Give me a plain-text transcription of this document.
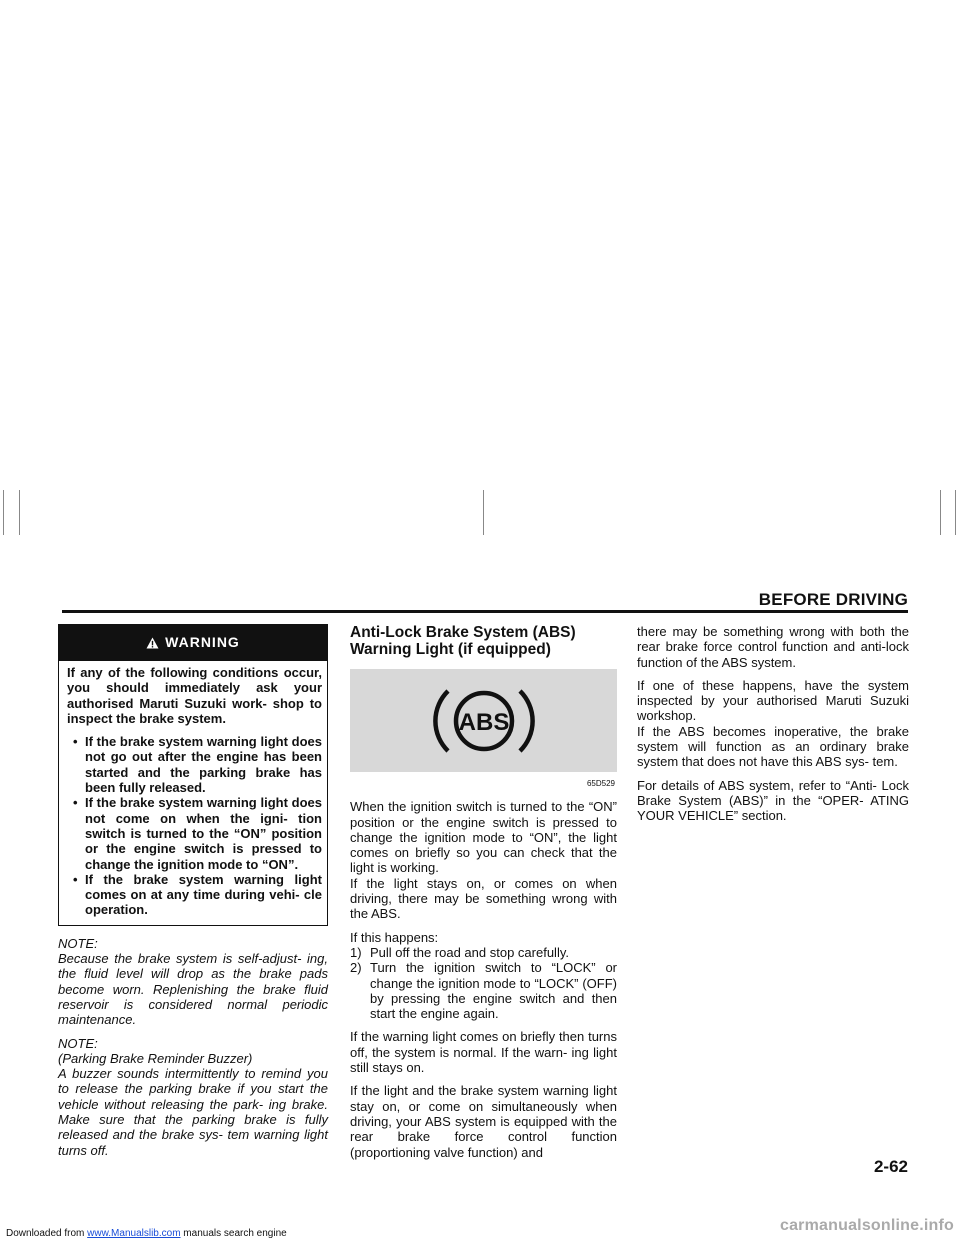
BEFORE DRIVING
WARNING

If any of the following conditions occur, you should immediately ask your authorised Maruti Suzuki work- shop to inspect the brake system.

• If the brake system warning light does not go out after the engine has been started and the parking brake has been fully released.
• If the brake system warning light does not come on when the igni- tion switch is turned to the “ON” position or the engine switch is pressed to change the ignition mode to “ON”.
• If the brake system warning light comes on at any time during vehi- cle operation.

NOTE:
Because the brake system is self-adjust- ing, the fluid level will drop as the brake pads become worn. Replenishing the brake fluid reservoir is considered normal periodic maintenance.

NOTE:
(Parking Brake Reminder Buzzer)
A buzzer sounds intermittently to remind you to release the parking brake if you start the vehicle without releasing the park- ing brake. Make sure that the parking brake is fully released and the brake sys- tem warning light turns off.

Anti-Lock Brake System (ABS) Warning Light (if equipped)
ABS
65D529

When the ignition switch is turned to the “ON” position or the engine switch is pressed to change the ignition mode to “ON”, the light comes on briefly so you can check that the light is working.
If the light stays on, or comes on when driving, there may be something wrong with the ABS.

If this happens:
1) Pull off the road and stop carefully.
2) Turn the ignition switch to “LOCK” or change the ignition mode to “LOCK” (OFF) by pressing the engine switch and then start the engine again.

If the warning light comes on briefly then turns off, the system is normal. If the warn- ing light still stays on.

If the light and the brake system warning light stay on, or come on simultaneously when driving, your ABS system is equipped with the rear brake force control function (proportioning valve function) and

there may be something wrong with both the rear brake force control function and anti-lock function of the ABS system.

If one of these happens, have the system inspected by your authorised Maruti Suzuki workshop.
If the ABS becomes inoperative, the brake system will function as an ordinary brake system that does not have this ABS sys- tem.

For details of ABS system, refer to “Anti- Lock Brake System (ABS)” in the “OPER- ATING YOUR VEHICLE” section.

2-62
Downloaded from www.Manualslib.com manuals search engine	carmanualsonline.info
